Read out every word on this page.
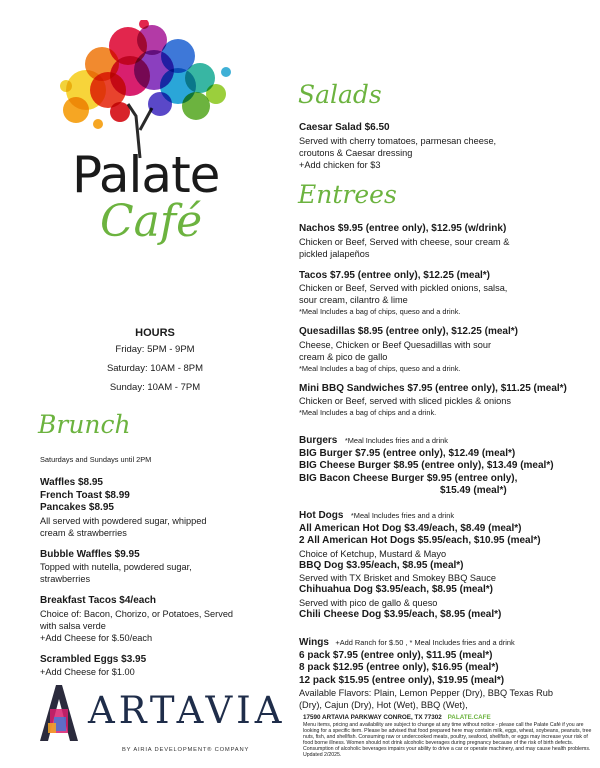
Palate
Café
HOURS
Friday: 5PM - 9PM
Saturday: 10AM - 8PM
Sunday: 10AM - 7PM
Brunch
Saturdays and Sundays until 2PM
Waffles $8.95
French Toast $8.99
Pancakes $8.95
All served with powdered sugar, whipped
cream & strawberries
Bubble Waffles $9.95
Topped with nutella, powdered sugar,
strawberries
Breakfast Tacos $4/each
Choice of: Bacon, Chorizo, or Potatoes, Served
with salsa verde
+Add Cheese for $.50/each
Scrambled Eggs $3.95
+Add Cheese for $1.00
Salads
Caesar Salad $6.50
Served with cherry tomatoes, parmesan cheese,
croutons & Caesar dressing
+Add chicken for $3
Entrees
Nachos $9.95 (entree only), $12.95 (w/drink)
Chicken or Beef, Served with cheese, sour cream &
pickled jalapeños
Tacos $7.95 (entree only), $12.25 (meal*)
Chicken or Beef, Served with pickled onions, salsa,
sour cream, cilantro & lime
*Meal Includes a bag of chips, queso and a drink.
Quesadillas $8.95 (entree only), $12.25 (meal*)
Cheese, Chicken or Beef Quesadillas with sour
cream & pico de gallo
*Meal Includes a bag of chips, queso and a drink.
Mini BBQ Sandwiches $7.95 (entree only), $11.25 (meal*)
Chicken or Beef, served with sliced pickles & onions
*Meal Includes a bag of chips and a drink.
Burgers *Meal Includes fries and a drink
BIG Burger $7.95 (entree only), $12.49 (meal*)
BIG Cheese Burger $8.95 (entree only), $13.49 (meal*)
BIG Bacon Cheese Burger $9.95 (entree only),
$15.49 (meal*)
Hot Dogs *Meal Includes fries and a drink
All American Hot Dog $3.49/each, $8.49 (meal*)
2 All American Hot Dogs $5.95/each, $10.95 (meal*)
Choice of Ketchup, Mustard & Mayo
BBQ Dog $3.95/each, $8.95 (meal*)
Served with TX Brisket and Smokey BBQ Sauce
Chihuahua Dog $3.95/each, $8.95 (meal*)
Served with pico de gallo & queso
Chili Cheese Dog $3.95/each, $8.95 (meal*)
Wings +Add Ranch for $.50 , * Meal Includes fries and a drink
6 pack $7.95 (entree only), $11.95 (meal*)
8 pack $12.95 (entree only), $16.95 (meal*)
12 pack $15.95 (entree only), $19.95 (meal*)
Available Flavors: Plain, Lemon Pepper (Dry), BBQ Texas Rub
(Dry), Cajun (Dry), Hot (Wet), BBQ (Wet),
17590 ARTAVIA PARKWAY CONROE, TX 77302 PALATE.CAFE
Menu items, pricing and availability are subject to change at any time without notice - please call the Palate Café if you are
looking for a specific item. Please be advised that food prepared here may contain milk, eggs, wheat, soybeans, peanuts, tree
nuts, fish, and shellfish. Consuming raw or undercooked meats, poultry, seafood, shellfish, or eggs may increase your risk of
food borne illness. Women should not drink alcoholic beverages during pregnancy because of the risk of birth defects.
Consumption of alcoholic beverages impairs your ability to drive a car or operate machinery, and may cause health problems.
Updated 2/2025.
ARTAVIA
BY AIRIA DEVELOPMENT® COMPANY
